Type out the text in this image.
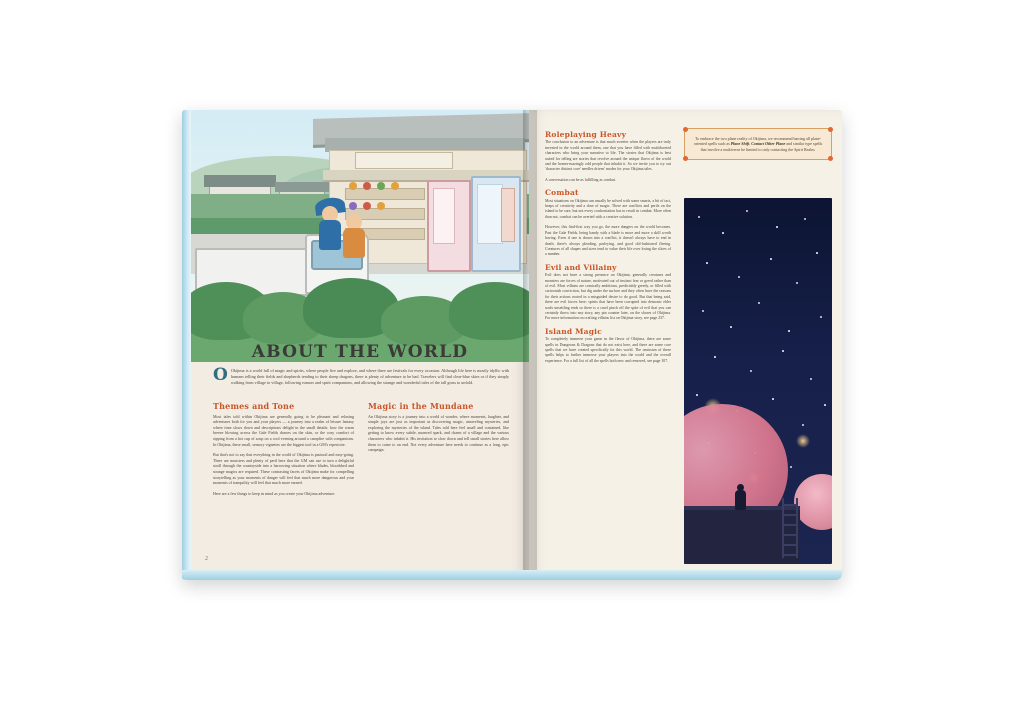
ABOUT THE WORLD
O Okijima is a world full of magic and spirits, where people live and explore, and where there are festivals for every occasion. Although life here is mostly idyllic with humans telling their fields and shepherds tending to their sheep dragons, there is plenty of adventure to be had. Travelers will find clear-blue skies or if they simply walking from village to village, following rumors and spirit companions, and allowing the strange and wonderful tales of the tall grass to unfold.
Themes and Tone

Most tales told within Okijima are generally going to be pleasant and relaxing adventures both for you and your players — a journey into a realm of leisure fantasy where time slows down and descriptions delight in the small details: how the warm breeze blowing across the Gale Fields dances on the skin, or the cozy comfort of sipping from a hot cup of soup on a cool evening around a campfire with companions. In Okijima, these small, sensory vignettes are the biggest tool in a GM's repertoire.

But that's not to say that everything in the world of Okijima is pastoral and easy-going. There are monsters and plenty of peril here that the GM can use to turn a delightful stroll through the countryside into a harrowing situation where blades, bloodshed and strange magics are required. These contrasting facets of Okijima make for compelling storytelling as your moments of danger will feel that much more dangerous and your moments of tranquility will feel that much more earned.

Here are a few things to keep in mind as you create your Okijima adventure.

Magic in the Mundane

An Okijima story is a journey into a world of wonder, where moments, laughter, and simple joys are just as important as discovering magic, unraveling mysteries, and exploring the mysteries of the island. Tales told here feel small and contained, like getting to know every subtle, nuanced spark, and charm of a village and the various characters who inhabit it. His invitation to slow down and tell small stories here allow them to come to an end. Not every adventure here needs to continue as a long, epic campaign.

2
Roleplaying Heavy

The conclusion to an adventure is that much sweeter when the players are truly invested in the world around them, one that you have filled with multifaceted characters who bring your narrative to life. The stories that Okijima is best suited for telling are stories that revolve around the unique flavor of the world and the homes-mazingly odd people that inhabit it. So we invite you to try out 'character distinct core' needles driven' modes for your Okijima tales.

A conversation can be as fulfilling as combat.

Combat

Most situations on Okijima can usually be solved with some smarts, a bit of tact, heaps of creativity and a dose of magic. There are conflicts and perils on the island to be sure, but not every confrontation has to result in combat. More often than not, combat can be averted with a creative solution.

However, this find-first way you go, the more dangers on the world becomes. Past the Gale Fields, being handy with a blade is more and more a skill worth having. Even if one is drawn into a conflict, it doesn't always have to end in death; there's always pleading, parleying, and good old-fashioned fleeing. Creatures of all shapes and sizes tend to value their life over losing the slices of a number.

Evil and Villainy

Evil does not have a strong presence on Okijima; generally creatures and monsters are forces of nature, motivated out of instinct fear or greed rather than of evil. Most villains are comically ambitious, predictably greedy, or filled with cartoonish conviction, but dig under the surface and they often have the reasons for their actions rooted in a misguided desire to do good. But that being said, there are evil forces here; spirits that have been corrupted into demonic elder souls unsettling ends so there is a cruel pinch off the spite of evil that you can certainly throw into any story, any pin counter later, on the shores of Okijima. For more information on crafting villains list on Okijima story, see page 237.

Island Magic

To completely immerse your game in the flavor of Okijima, there are some spells in Dungeons & Dragons that do not exist here, and there are some core spells that we have created specifically for this world. The omission of these spells helps to further immerse your players into the world and the overall experience. For a full list of all the spells both new and removed, see page 107.

To embrace the two plane reality of Okijima, we recommend barring all plane-oriented spells such as Plane Shift, Contact Other Plane and similar type spells that involve a multiverse be limited to only contacting the Spirit Realm.
